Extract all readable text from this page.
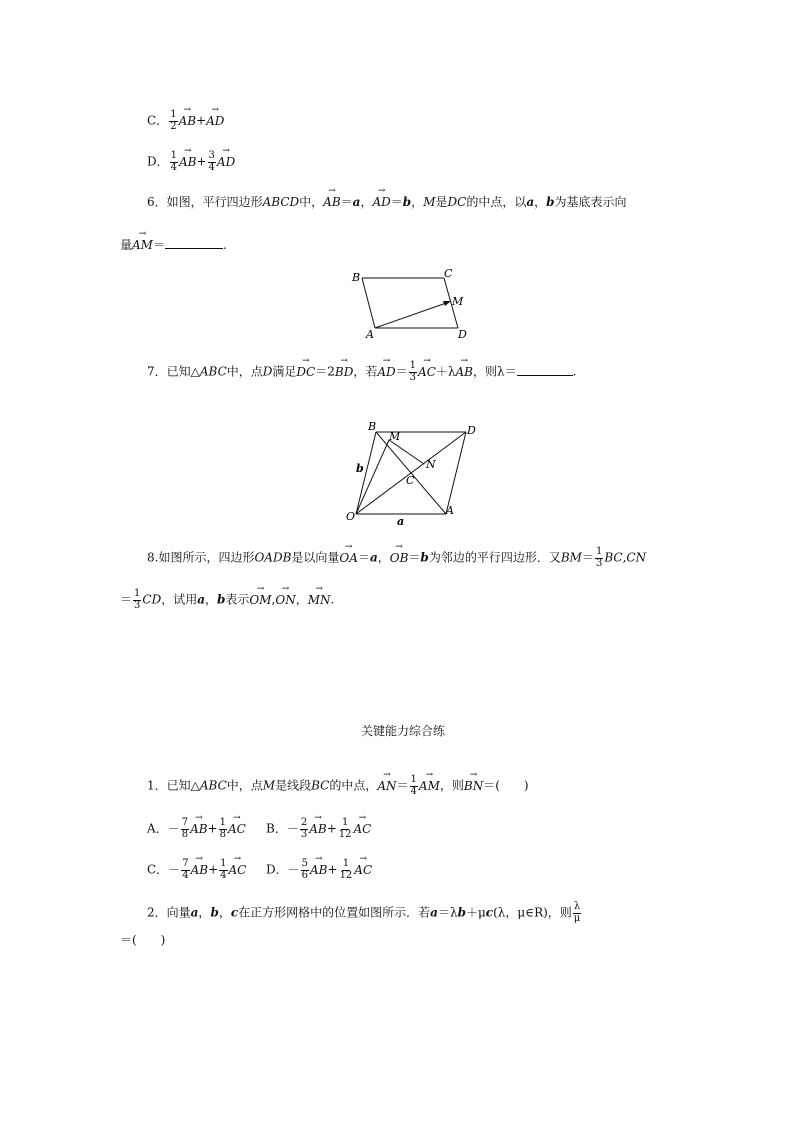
C． $\frac{1}{2}$
→ AB+→ AD
D． $\frac{1}{4}$
→ $AB+ \frac{3}{4}$
→ AD
6．如图，平行四边形ABCD中，→ AB＝a，→ AD＝b，M是DC的中点，以a，b为基底表示向
量→ AM＝	.
B	C
M
A	D
7．已知△ABC中，点D满足→ DC＝2→ BD，若→ $AD= \frac{1}{3}$
→ AC＋λ→ AB，则λ＝	.
B
M	D
N
b
C
O	a
A
8.如图所示，四边形OADB是以向量→ OA＝a，→ OB＝b为邻边的平行四边形．又$BM= \frac{1}{3} BC,CN$
＝ $\frac{1}{3}$ CD，试用a，b表示→ OM,→ ON，→ MN.
关键能力综合练
1．已知△ABC中，点M是线段BC的中点，→ $AN= \frac{1}{4}$
→ AM，则→ BN＝(　　)
A．－ $\frac{7}{8}$
→ $AB+ \frac{1}{8}$
→ AC B．－ $\frac{2}{3}$
→ $AB+ \frac{1}{12}$
→ AC
C．－ $\frac{7}{4}$
→ $AB+ \frac{1}{4}$
→ AC D．－ $\frac{5}{6}$
→ $AB+ \frac{1}{12}$
→ AC
2．向量a，b，c在正方形网格中的位置如图所示．若a＝λb＋μc(λ，μ∈R)，则 $\frac{\lambda}{\mu}$
＝(　　)
